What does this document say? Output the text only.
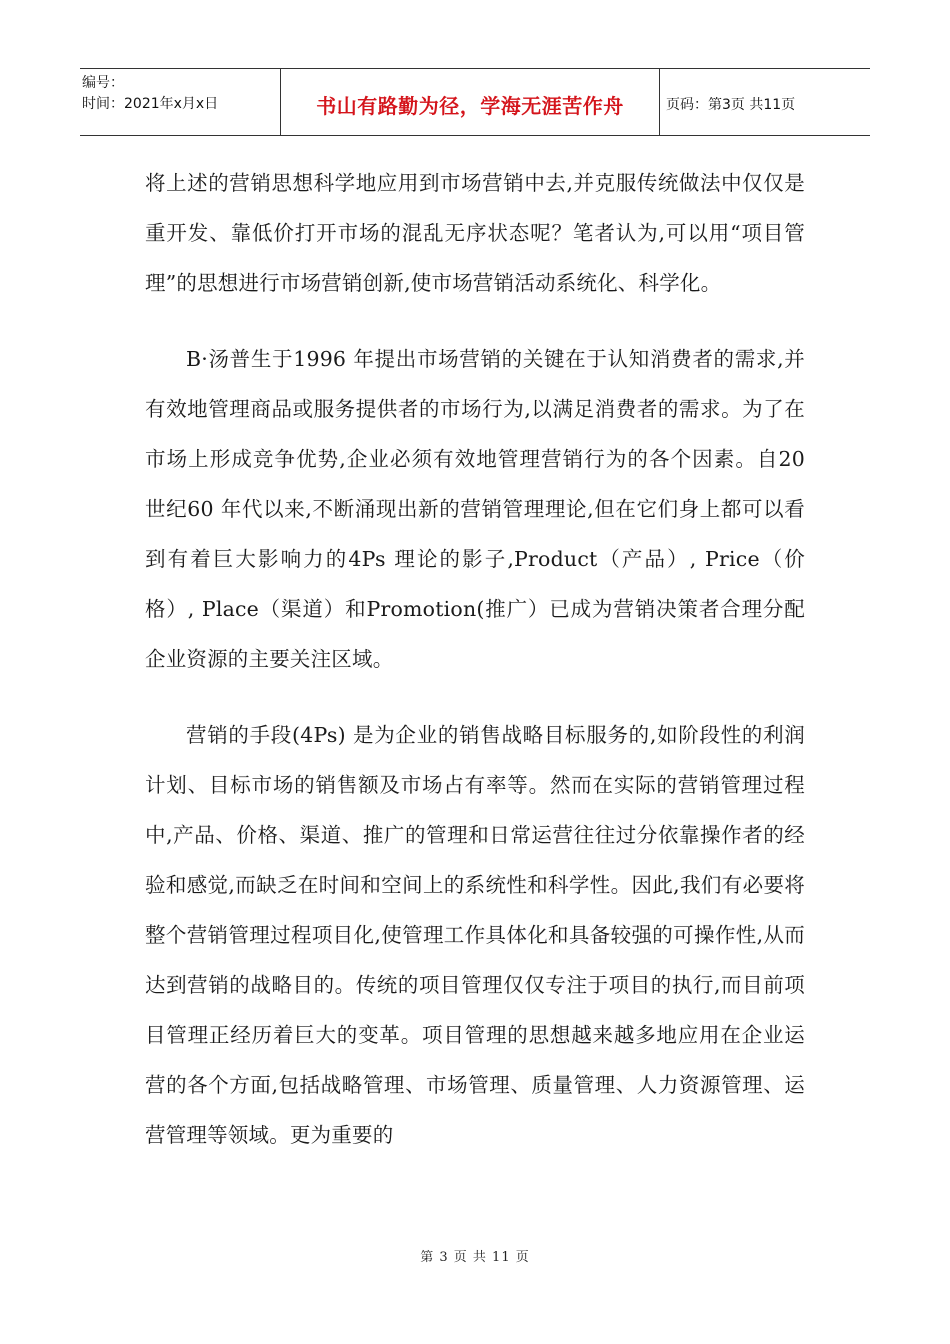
编号：
时间：2021年x月x日	书山有路勤为径，学海无涯苦作舟	页码：第3页 共11页

将上述的营销思想科学地应用到市场营销中去,并克服传统做法中仅仅是重开发、靠低价打开市场的混乱无序状态呢？笔者认为,可以用“项目管理”的思想进行市场营销创新,使市场营销活动系统化、科学化。

B·汤普生于1996 年提出市场营销的关键在于认知消费者的需求,并有效地管理商品或服务提供者的市场行为,以满足消费者的需求。为了在市场上形成竞争优势,企业必须有效地管理营销行为的各个因素。自20 世纪60 年代以来,不断涌现出新的营销管理理论,但在它们身上都可以看到有着巨大影响力的4Ps 理论的影子,Product（产品）, Price（价格）, Place（渠道）和Promotion(推广）已成为营销决策者合理分配企业资源的主要关注区域。

营销的手段(4Ps) 是为企业的销售战略目标服务的,如阶段性的利润计划、目标市场的销售额及市场占有率等。然而在实际的营销管理过程中,产品、价格、渠道、推广的管理和日常运营往往过分依靠操作者的经验和感觉,而缺乏在时间和空间上的系统性和科学性。因此,我们有必要将整个营销管理过程项目化,使管理工作具体化和具备较强的可操作性,从而达到营销的战略目的。传统的项目管理仅仅专注于项目的执行,而目前项目管理正经历着巨大的变革。项目管理的思想越来越多地应用在企业运营的各个方面,包括战略管理、市场管理、质量管理、人力资源管理、运营管理等领域。更为重要的

第 3 页 共 11 页
